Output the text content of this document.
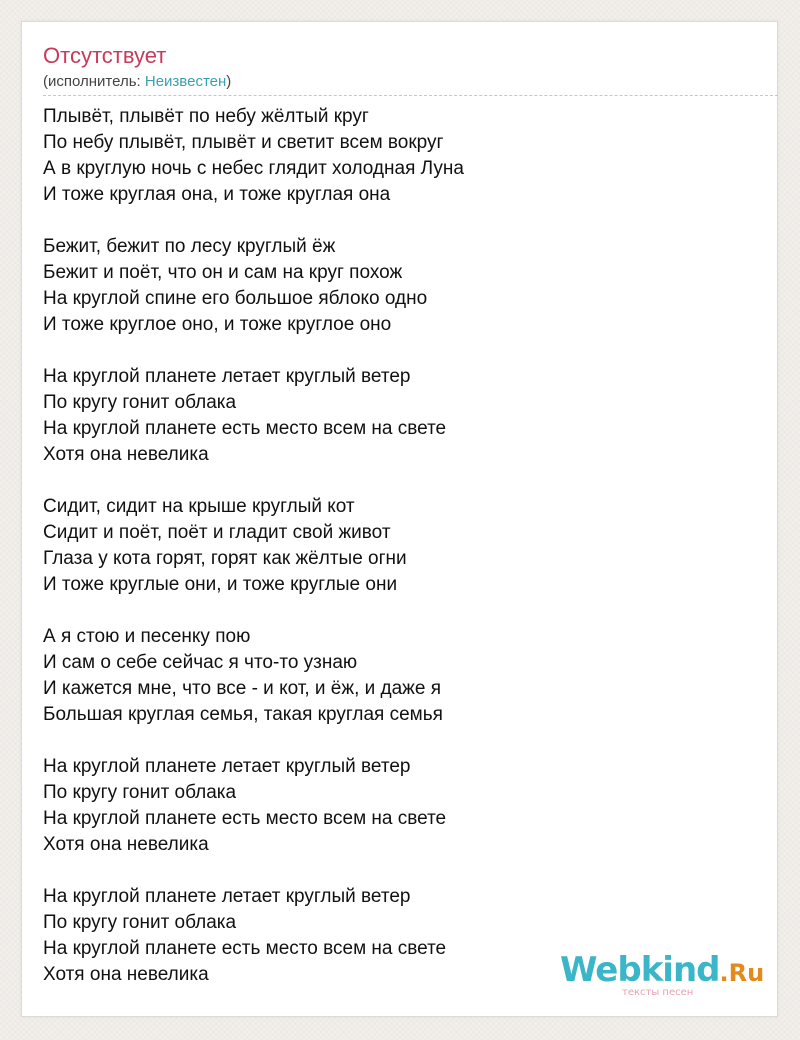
Отсутствует
(исполнитель: Неизвестен)
Плывёт, плывёт по небу жёлтый круг
По небу плывёт, плывёт и светит всем вокруг
А в круглую ночь с небес глядит холодная Луна
И тоже круглая она, и тоже круглая она
Бежит, бежит по лесу круглый ёж
Бежит и поёт, что он и сам на круг похож
На круглой спине его большое яблоко одно
И тоже круглое оно, и тоже круглое оно
На круглой планете летает круглый ветер
По кругу гонит облака
На круглой планете есть место всем на свете
Хотя она невелика
Сидит, сидит на крыше круглый кот
Сидит и поёт, поёт и гладит свой живот
Глаза у кота горят, горят как жёлтые огни
И тоже круглые они, и тоже круглые они
А я стою и песенку пою
И сам о себе сейчас я что-то узнаю
И кажется мне, что все - и кот, и ёж, и даже я
Большая круглая семья, такая круглая семья
На круглой планете летает круглый ветер
По кругу гонит облака
На круглой планете есть место всем на свете
Хотя она невелика
На круглой планете летает круглый ветер
По кругу гонит облака
На круглой планете есть место всем на свете
Хотя она невелика	Webkind.Ru
тексты песен
